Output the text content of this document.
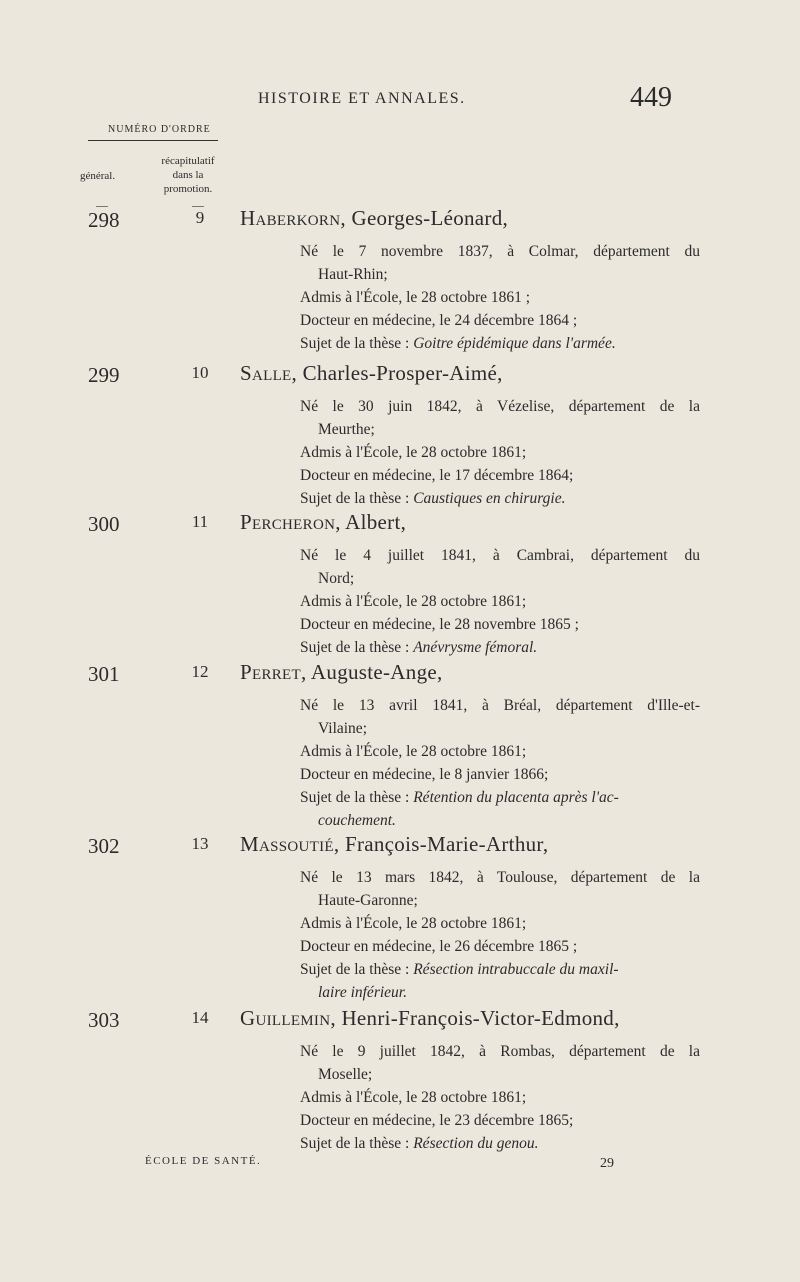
HISTOIRE ET ANNALES.	449
NUMÉRO D'ORDRE
général.
récapitulatif
dans la
promotion.
—	—
298	9	Haberkorn, Georges-Léonard,
Né le 7 novembre 1837, à Colmar, département du
Haut-Rhin;
Admis à l'École, le 28 octobre 1861 ;
Docteur en médecine, le 24 décembre 1864 ;
Sujet de la thèse : Goitre épidémique dans l'armée.
299	10	Salle, Charles-Prosper-Aimé,
Né le 30 juin 1842, à Vézelise, département de la
Meurthe;
Admis à l'École, le 28 octobre 1861;
Docteur en médecine, le 17 décembre 1864;
Sujet de la thèse : Caustiques en chirurgie.
300	11	Percheron, Albert,
Né le 4 juillet 1841, à Cambrai, département du
Nord;
Admis à l'École, le 28 octobre 1861;
Docteur en médecine, le 28 novembre 1865 ;
Sujet de la thèse : Anévrysme fémoral.
301	12	Perret, Auguste-Ange,
Né le 13 avril 1841, à Bréal, département d'Ille-et-
Vilaine;
Admis à l'École, le 28 octobre 1861;
Docteur en médecine, le 8 janvier 1866;
Sujet de la thèse : Rétention du placenta après l'ac-
couchement.
302	13	Massoutié, François-Marie-Arthur,
Né le 13 mars 1842, à Toulouse, département de la
Haute-Garonne;
Admis à l'École, le 28 octobre 1861;
Docteur en médecine, le 26 décembre 1865 ;
Sujet de la thèse : Résection intrabuccale du maxil-
laire inférieur.
303	14	Guillemin, Henri-François-Victor-Edmond,
Né le 9 juillet 1842, à Rombas, département de la
Moselle;
Admis à l'École, le 28 octobre 1861;
Docteur en médecine, le 23 décembre 1865;
Sujet de la thèse : Résection du genou.
ÉCOLE DE SANTÉ.	29
